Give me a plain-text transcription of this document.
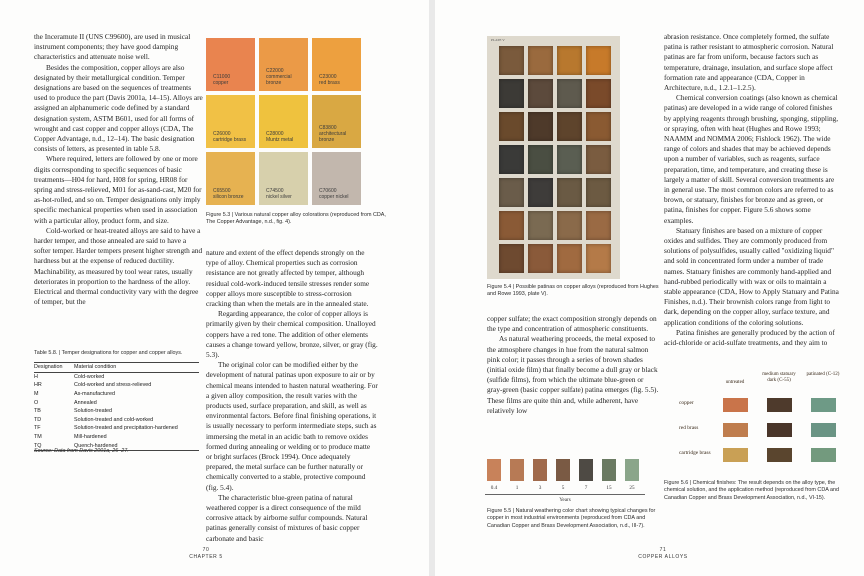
the Inceramute II (UNS C99600), are used in musical instrument components; they have good damping characteristics and attenuate noise well.

Besides the composition, copper alloys are also designated by their metallurgical condition. Temper designations are based on the sequences of treatments used to produce the part (Davis 2001a, 14–15). Alloys are assigned an alphanumeric code defined by a standard designation system, ASTM B601, used for all forms of wrought and cast copper and copper alloys (CDA, The Copper Advantage, n.d., 12–14). The basic designation consists of letters, as presented in table 5.8.

Where required, letters are followed by one or more digits corresponding to specific sequences of basic treatments—H04 for hard, H08 for spring, HR08 for spring and stress-relieved, M01 for as-sand-cast, M20 for as-hot-rolled, and so on. Temper designations only imply specific mechanical properties when used in association with a particular alloy, product form, and size.

Cold-worked or heat-treated alloys are said to have a harder temper, and those annealed are said to have a softer temper. Harder tempers present higher strength and hardness but at the expense of reduced ductility. Machinability, as measured by tool wear rates, usually deteriorates in proportion to the hardness of the alloy. Electrical and thermal conductivity vary with the degree of temper, but the

Figure 5.3 | Various natural copper alloy colorations (reproduced from CDA, The Copper Advantage, n.d., fig. 4).

nature and extent of the effect depends strongly on the type of alloy. Chemical properties such as corrosion resistance are not greatly affected by temper, although residual cold-work-induced tensile stresses render some copper alloys more susceptible to stress-corrosion cracking than when the metals are in the annealed state.

Regarding appearance, the color of copper alloys is primarily given by their chemical composition. Unalloyed coppers have a red tone. The addition of other elements causes a change toward yellow, bronze, silver, or gray (fig. 5.3).

The original color can be modified either by the development of natural patinas upon exposure to air or by chemical means intended to hasten natural weathering. For a given alloy composition, the result varies with the products used, surface preparation, and skill, as well as environmental factors. Before final finishing operations, it is usually necessary to perform intermediate steps, such as immersing the metal in an acidic bath to remove oxides formed during annealing or welding or to produce matte or bright surfaces (Brock 1994). Once adequately prepared, the metal surface can be further naturally or chemically converted to a stable, protective compound (fig. 5.4).

The characteristic blue-green patina of natural weathered copper is a direct consequence of the mild corrosive attack by airborne sulfur compounds. Natural patinas generally consist of mixtures of basic copper carbonate and basic

Table 5.8. | Temper designations for copper and copper alloys.
Designation	Material condition
H	Cold-worked
HR	Cold-worked and stress-relieved
M	As-manufactured
O	Annealed
TB	Solution-treated
TD	Solution-treated and cold-worked
TF	Solution-treated and precipitation-hardened
TM	Mill-hardened
TQ	Quench-hardened
Source: Data from Davis 2001a, 26–27.
70
CHAPTER 5
C11000
copper
C22000
commercial bronze
C23000
red brass
C26000
cartridge brass
C28000
Muntz metal
C83800
architectural bronze
C65500
silicon bronze
C74500
nickel silver
C70600
copper nickel
PLATE V
Figure 5.4 | Possible patinas on copper alloys (reproduced from Hughes and Rowe 1993, plate V).

copper sulfate; the exact composition strongly depends on the type and concentration of atmospheric constituents.

As natural weathering proceeds, the metal exposed to the atmosphere changes in hue from the natural salmon pink color; it passes through a series of brown shades (initial oxide film) that finally become a dull gray or black (sulfide films), from which the ultimate blue-green or gray-green (basic copper sulfate) patina emerges (fig. 5.5). These films are quite thin and, while adherent, have relatively low

Years
0.4	1	3	5	7	15	25
Figure 5.5 | Natural weathering color chart showing typical changes for copper in most industrial environments (reproduced from CDA and Canadian Copper and Brass Development Association, n.d., III-7).

abrasion resistance. Once completely formed, the sulfate patina is rather resistant to atmospheric corrosion. Natural patinas are far from uniform, because factors such as temperature, drainage, insulation, and surface slope affect formation rate and appearance (CDA, Copper in Architecture, n.d., 1.2.1–1.2.5).

Chemical conversion coatings (also known as chemical patinas) are developed in a wide range of colored finishes by applying reagents through brushing, sponging, stippling, or spraying, often with heat (Hughes and Rowe 1993; NAAMM and NOMMA 2006; Fishlock 1962). The wide range of colors and shades that may be achieved depends upon a number of variables, such as reagents, surface preparation, time, and temperature, and creating these is largely a matter of skill. Several conversion treatments are in general use. The most common colors are referred to as brown, or statuary, finishes for bronze and as green, or patina, finishes for copper. Figure 5.6 shows some examples.

Statuary finishes are based on a mixture of copper oxides and sulfides. They are commonly produced from solutions of polysulfides, usually called "oxidizing liquid" and sold in concentrated form under a number of trade names. Statuary finishes are commonly hand-applied and hand-rubbed periodically with wax or oils to maintain a stable appearance (CDA, How to Apply Statuary and Patina Finishes, n.d.). Their brownish colors range from light to dark, depending on the copper alloy, surface texture, and application conditions of the coloring solutions.

Patina finishes are generally produced by the action of acid-chloride or acid-sulfate treatments, and they aim to

untreated
medium statuary dark (C-55)
patinated (C-12)
copper
red brass
cartridge brass
Figure 5.6 | Chemical finishes: The result depends on the alloy type, the chemical solution, and the application method (reproduced from CDA and Canadian Copper and Brass Development Association, n.d., VI-15).
71
COPPER ALLOYS
